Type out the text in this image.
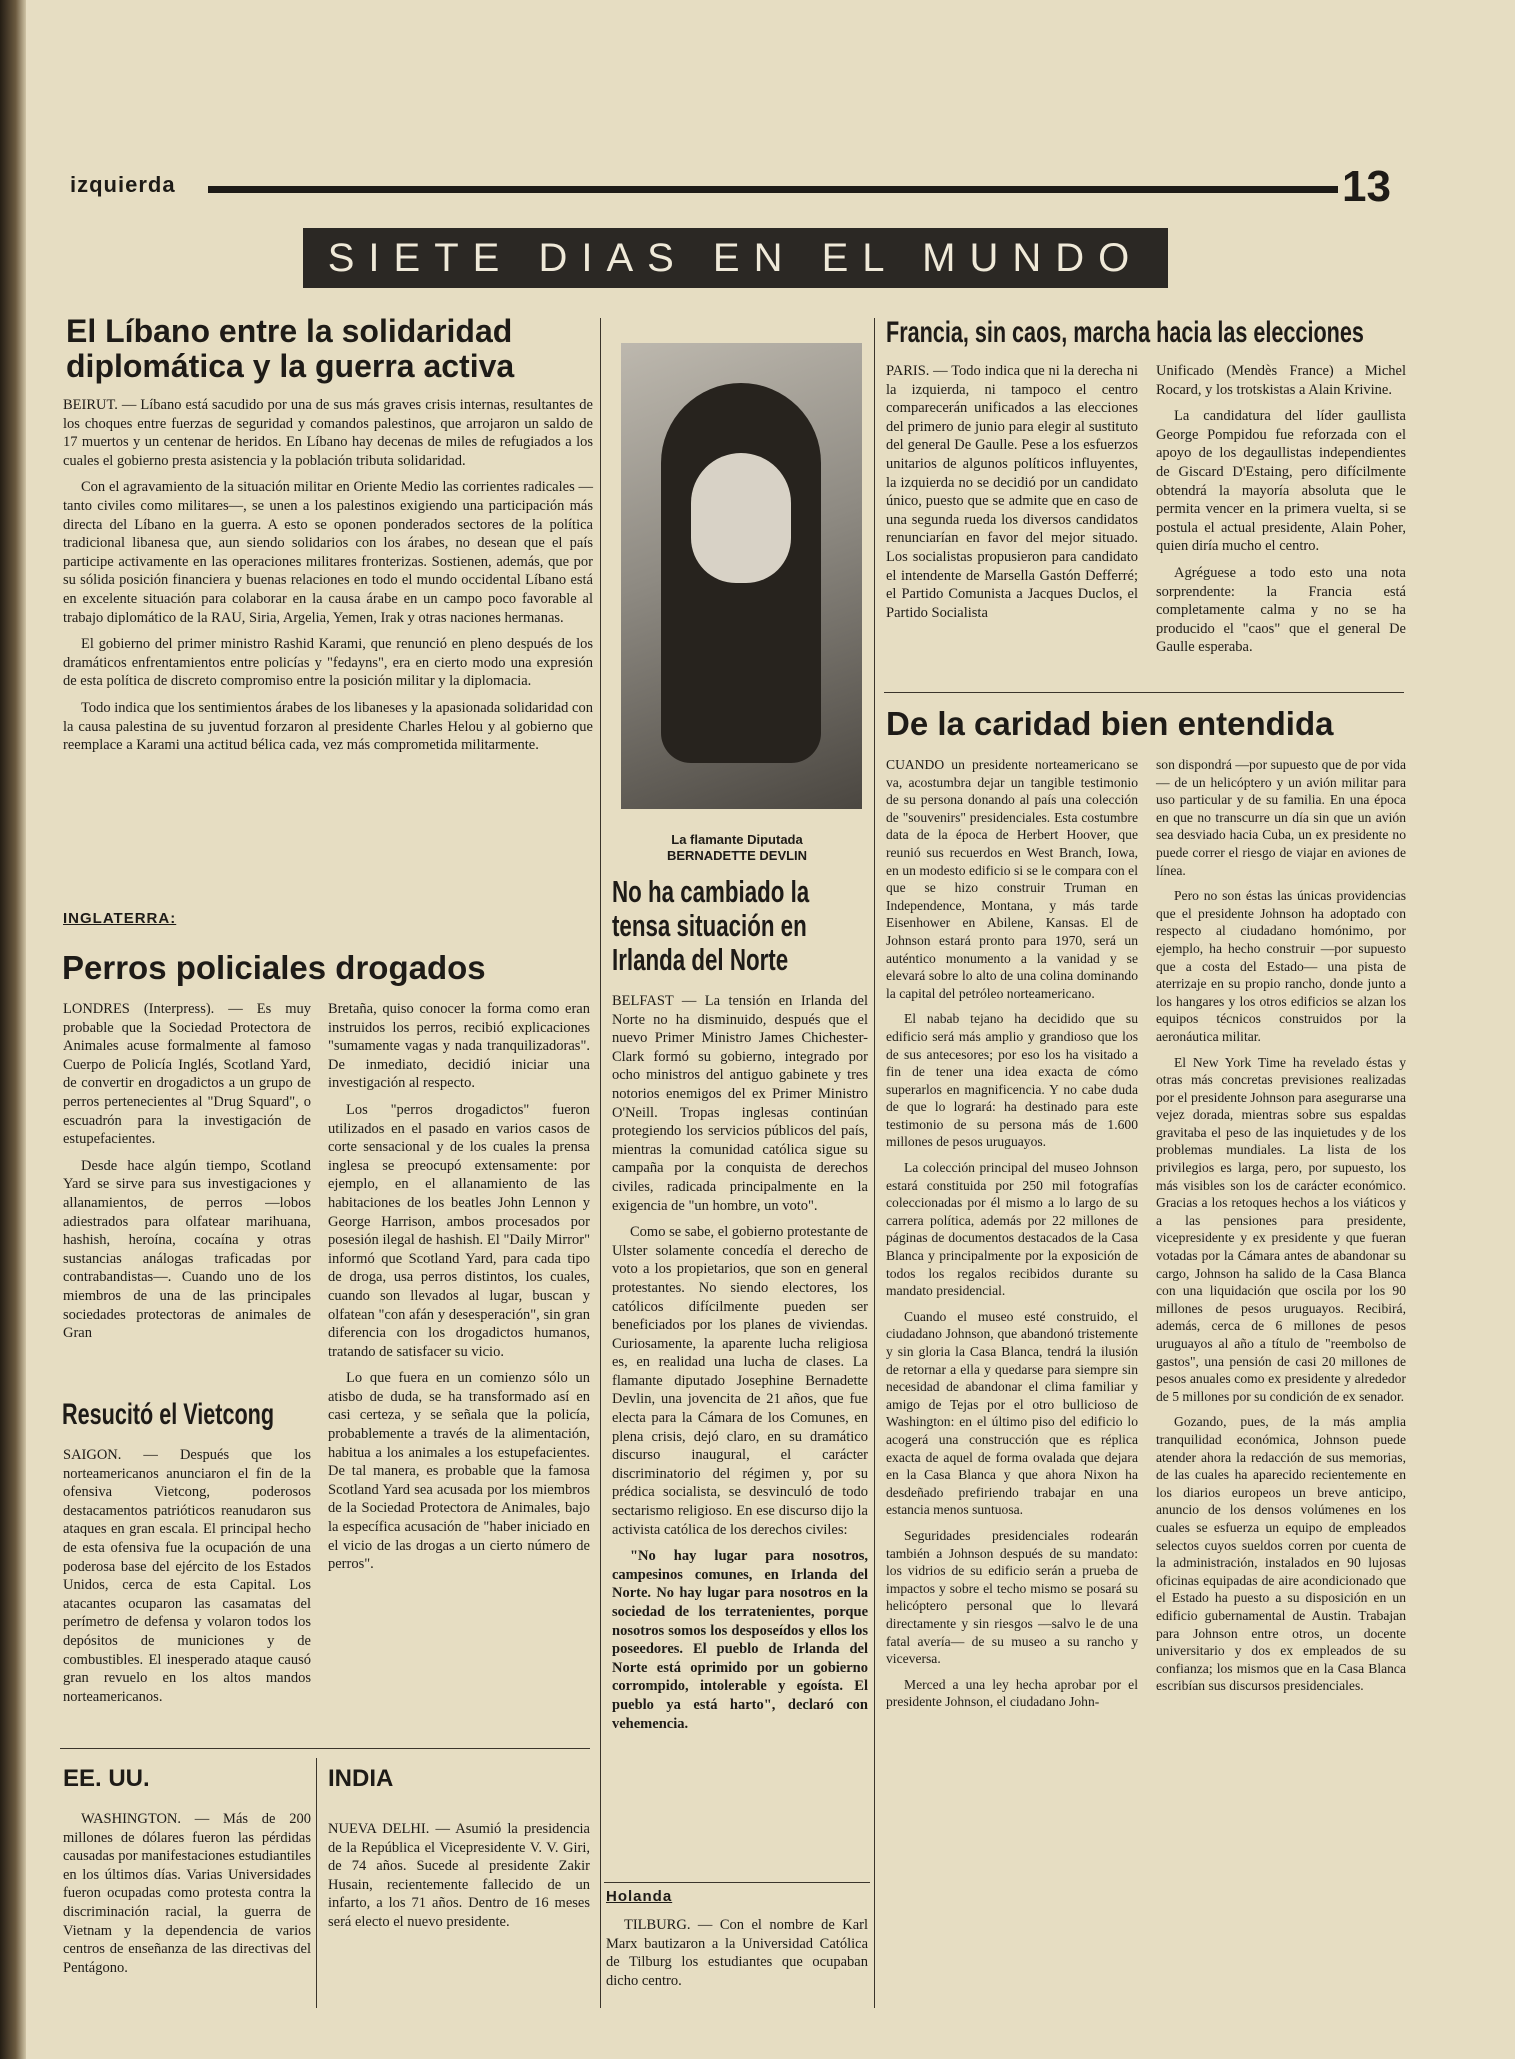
izquierda	13
SIETE DIAS EN EL MUNDO
El Líbano entre la solidaridad diplomática y la guerra activa

BEIRUT. — Líbano está sacudido por una de sus más graves crisis internas, resultantes de los choques entre fuerzas de seguridad y comandos palestinos, que arrojaron un saldo de 17 muertos y un centenar de heridos. En Líbano hay decenas de miles de refugiados a los cuales el gobierno presta asistencia y la población tributa solidaridad.

Con el agravamiento de la situación militar en Oriente Medio las corrientes radicales —tanto civiles como militares—, se unen a los palestinos exigiendo una participación más directa del Líbano en la guerra. A esto se oponen ponderados sectores de la política tradicional libanesa que, aun siendo solidarios con los árabes, no desean que el país participe activamente en las operaciones militares fronterizas. Sostienen, además, que por su sólida posición financiera y buenas relaciones en todo el mundo occidental Líbano está en excelente situación para colaborar en la causa árabe en un campo poco favorable al trabajo diplomático de la RAU, Siria, Argelia, Yemen, Irak y otras naciones hermanas.

El gobierno del primer ministro Rashid Karami, que renunció en pleno después de los dramáticos enfrentamientos entre policías y "fedayns", era en cierto modo una expresión de esta política de discreto compromiso entre la posición militar y la diplomacia.

Todo indica que los sentimientos árabes de los libaneses y la apasionada solidaridad con la causa palestina de su juventud forzaron al presidente Charles Helou y al gobierno que reemplace a Karami una actitud bélica cada, vez más comprometida militarmente.

INGLATERRA:
Perros policiales drogados

LONDRES (Interpress). — Es muy probable que la Sociedad Protectora de Animales acuse formalmente al famoso Cuerpo de Policía Inglés, Scotland Yard, de convertir en drogadictos a un grupo de perros pertenecientes al "Drug Squard", o escuadrón para la investigación de estupefacientes.

Desde hace algún tiempo, Scotland Yard se sirve para sus investigaciones y allanamientos, de perros —lobos adiestrados para olfatear marihuana, hashish, heroína, cocaína y otras sustancias análogas traficadas por contrabandistas—. Cuando uno de los miembros de una de las principales sociedades protectoras de animales de Gran

Bretaña, quiso conocer la forma como eran instruidos los perros, recibió explicaciones "sumamente vagas y nada tranquilizadoras". De inmediato, decidió iniciar una investigación al respecto.

Los "perros drogadictos" fueron utilizados en el pasado en varios casos de corte sensacional y de los cuales la prensa inglesa se preocupó extensamente: por ejemplo, en el allanamiento de las habitaciones de los beatles John Lennon y George Harrison, ambos procesados por posesión ilegal de hashish. El "Daily Mirror" informó que Scotland Yard, para cada tipo de droga, usa perros distintos, los cuales, cuando son llevados al lugar, buscan y olfatean "con afán y desesperación", sin gran diferencia con los drogadictos humanos, tratando de satisfacer su vicio.

Lo que fuera en un comienzo sólo un atisbo de duda, se ha transformado así en casi certeza, y se señala que la policía, probablemente a través de la alimentación, habitua a los animales a los estupefacientes. De tal manera, es probable que la famosa Scotland Yard sea acusada por los miembros de la Sociedad Protectora de Animales, bajo la específica acusación de "haber iniciado en el vicio de las drogas a un cierto número de perros".

Resucitó el Vietcong

SAIGON. — Después que los norteamericanos anunciaron el fin de la ofensiva Vietcong, poderosos destacamentos patrióticos reanudaron sus ataques en gran escala. El principal hecho de esta ofensiva fue la ocupación de una poderosa base del ejército de los Estados Unidos, cerca de esta Capital. Los atacantes ocuparon las casamatas del perímetro de defensa y volaron todos los depósitos de municiones y de combustibles. El inesperado ataque causó gran revuelo en los altos mandos norteamericanos.

EE. UU.

WASHINGTON. — Más de 200 millones de dólares fueron las pérdidas causadas por manifestaciones estudiantiles en los últimos días. Varias Universidades fueron ocupadas como protesta contra la discriminación racial, la guerra de Vietnam y la dependencia de varios centros de enseñanza de las directivas del Pentágono.

INDIA

NUEVA DELHI. — Asumió la presidencia de la República el Vicepresidente V. V. Giri, de 74 años. Sucede al presidente Zakir Husain, recientemente fallecido de un infarto, a los 71 años. Dentro de 16 meses será electo el nuevo presidente.

La flamante Diputada
BERNADETTE DEVLIN
No ha cambiado la
tensa situación en
Irlanda del Norte

BELFAST — La tensión en Irlanda del Norte no ha disminuido, después que el nuevo Primer Ministro James Chichester-Clark formó su gobierno, integrado por ocho ministros del antiguo gabinete y tres notorios enemigos del ex Primer Ministro O'Neill. Tropas inglesas continúan protegiendo los servicios públicos del país, mientras la comunidad católica sigue su campaña por la conquista de derechos civiles, radicada principalmente en la exigencia de "un hombre, un voto".

Como se sabe, el gobierno protestante de Ulster solamente concedía el derecho de voto a los propietarios, que son en general protestantes. No siendo electores, los católicos difícilmente pueden ser beneficiados por los planes de viviendas. Curiosamente, la aparente lucha religiosa es, en realidad una lucha de clases. La flamante diputado Josephine Bernadette Devlin, una jovencita de 21 años, que fue electa para la Cámara de los Comunes, en plena crisis, dejó claro, en su dramático discurso inaugural, el carácter discriminatorio del régimen y, por su prédica socialista, se desvinculó de todo sectarismo religioso. En ese discurso dijo la activista católica de los derechos civiles:

"No hay lugar para nosotros, campesinos comunes, en Irlanda del Norte. No hay lugar para nosotros en la sociedad de los terratenientes, porque nosotros somos los desposeídos y ellos los poseedores. El pueblo de Irlanda del Norte está oprimido por un gobierno corrompido, intolerable y egoísta. El pueblo ya está harto", declaró con vehemencia.

Holanda

TILBURG. — Con el nombre de Karl Marx bautizaron a la Universidad Católica de Tilburg los estudiantes que ocupaban dicho centro.

Francia, sin caos, marcha hacia las elecciones

PARIS. — Todo indica que ni la derecha ni la izquierda, ni tampoco el centro comparecerán unificados a las elecciones del primero de junio para elegir al sustituto del general De Gaulle. Pese a los esfuerzos unitarios de algunos políticos influyentes, la izquierda no se decidió por un candidato único, puesto que se admite que en caso de una segunda rueda los diversos candidatos renunciarían en favor del mejor situado. Los socialistas propusieron para candidato el intendente de Marsella Gastón Defferré; el Partido Comunista a Jacques Duclos, el Partido Socialista

Unificado (Mendès France) a Michel Rocard, y los trotskistas a Alain Krivine.

La candidatura del líder gaullista George Pompidou fue reforzada con el apoyo de los degaullistas independientes de Giscard D'Estaing, pero difícilmente obtendrá la mayoría absoluta que le permita vencer en la primera vuelta, si se postula el actual presidente, Alain Poher, quien diría mucho el centro.

Agréguese a todo esto una nota sorprendente: la Francia está completamente calma y no se ha producido el "caos" que el general De Gaulle esperaba.

De la caridad bien entendida

CUANDO un presidente norteamericano se va, acostumbra dejar un tangible testimonio de su persona donando al país una colección de "souvenirs" presidenciales. Esta costumbre data de la época de Herbert Hoover, que reunió sus recuerdos en West Branch, Iowa, en un modesto edificio si se le compara con el que se hizo construir Truman en Independence, Montana, y más tarde Eisenhower en Abilene, Kansas. El de Johnson estará pronto para 1970, será un auténtico monumento a la vanidad y se elevará sobre lo alto de una colina dominando la capital del petróleo norteamericano.

El nabab tejano ha decidido que su edificio será más amplio y grandioso que los de sus antecesores; por eso los ha visitado a fin de tener una idea exacta de cómo superarlos en magnificencia. Y no cabe duda de que lo logrará: ha destinado para este testimonio de su persona más de 1.600 millones de pesos uruguayos.

La colección principal del museo Johnson estará constituida por 250 mil fotografías coleccionadas por él mismo a lo largo de su carrera política, además por 22 millones de páginas de documentos destacados de la Casa Blanca y principalmente por la exposición de todos los regalos recibidos durante su mandato presidencial.

Cuando el museo esté construido, el ciudadano Johnson, que abandonó tristemente y sin gloria la Casa Blanca, tendrá la ilusión de retornar a ella y quedarse para siempre sin necesidad de abandonar el clima familiar y amigo de Tejas por el otro bullicioso de Washington: en el último piso del edificio lo acogerá una construcción que es réplica exacta de aquel de forma ovalada que dejara en la Casa Blanca y que ahora Nixon ha desdeñado prefiriendo trabajar en una estancia menos suntuosa.

Seguridades presidenciales rodearán también a Johnson después de su mandato: los vidrios de su edificio serán a prueba de impactos y sobre el techo mismo se posará su helicóptero personal que lo llevará directamente y sin riesgos —salvo le de una fatal avería— de su museo a su rancho y viceversa.

Merced a una ley hecha aprobar por el presidente Johnson, el ciudadano John-

son dispondrá —por supuesto que de por vida— de un helicóptero y un avión militar para uso particular y de su familia. En una época en que no transcurre un día sin que un avión sea desviado hacia Cuba, un ex presidente no puede correr el riesgo de viajar en aviones de línea.

Pero no son éstas las únicas providencias que el presidente Johnson ha adoptado con respecto al ciudadano homónimo, por ejemplo, ha hecho construir —por supuesto que a costa del Estado— una pista de aterrizaje en su propio rancho, donde junto a los hangares y los otros edificios se alzan los equipos técnicos construidos por la aeronáutica militar.

El New York Time ha revelado éstas y otras más concretas previsiones realizadas por el presidente Johnson para asegurarse una vejez dorada, mientras sobre sus espaldas gravitaba el peso de las inquietudes y de los problemas mundiales. La lista de los privilegios es larga, pero, por supuesto, los más visibles son los de carácter económico. Gracias a los retoques hechos a los viáticos y a las pensiones para presidente, vicepresidente y ex presidente y que fueran votadas por la Cámara antes de abandonar su cargo, Johnson ha salido de la Casa Blanca con una liquidación que oscila por los 90 millones de pesos uruguayos. Recibirá, además, cerca de 6 millones de pesos uruguayos al año a título de "reembolso de gastos", una pensión de casi 20 millones de pesos anuales como ex presidente y alrededor de 5 millones por su condición de ex senador.

Gozando, pues, de la más amplia tranquilidad económica, Johnson puede atender ahora la redacción de sus memorias, de las cuales ha aparecido recientemente en los diarios europeos un breve anticipo, anuncio de los densos volúmenes en los cuales se esfuerza un equipo de empleados selectos cuyos sueldos corren por cuenta de la administración, instalados en 90 lujosas oficinas equipadas de aire acondicionado que el Estado ha puesto a su disposición en un edificio gubernamental de Austin. Trabajan para Johnson entre otros, un docente universitario y dos ex empleados de su confianza; los mismos que en la Casa Blanca escribían sus discursos presidenciales.
